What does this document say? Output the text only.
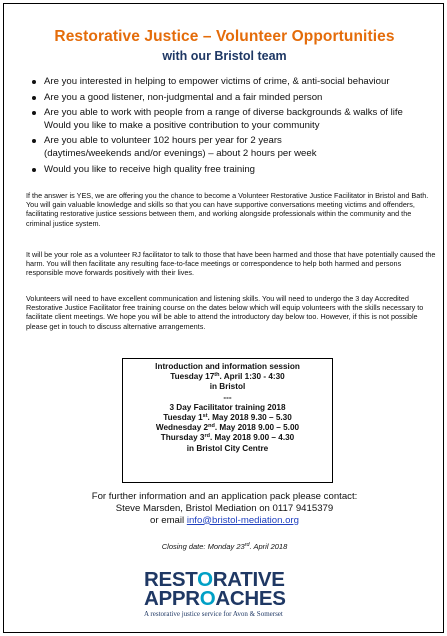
Restorative Justice – Volunteer Opportunities
with our Bristol team
Are you interested in helping to empower victims of crime, & anti-social behaviour
Are you a good listener, non-judgmental and a fair minded person
Are you able to work with people from a range of diverse backgrounds & walks of life
Would you like to make a positive contribution to your community
Are you able to volunteer 102 hours per year for 2 years
(daytimes/weekends and/or evenings) – about 2 hours per week
Would you like to receive high quality free training

If the answer is YES, we are offering you the chance to become a Volunteer Restorative Justice Facilitator in Bristol and Bath. You will gain valuable knowledge and skills so that you can have supportive conversations meeting victims and offenders, facilitating restorative justice sessions between them, and working alongside professionals within the community and the criminal justice system.

It will be your role as a volunteer RJ facilitator to talk to those that have been harmed and those that have potentially caused the harm. You will then facilitate any resulting face-to-face meetings or correspondence to help both harmed and persons responsible move forwards positively with their lives.

Volunteers will need to have excellent communication and listening skills. You will need to undergo the 3 day Accredited Restorative Justice Facilitator free training course on the dates below which will equip volunteers with the skills necessary to facilitate client meetings. We hope you will be able to attend the introductory day below too. However, if this is not possible please get in touch to discuss alternative arrangements.

Introduction and information session
Tuesday 17th. April 1:30 - 4:30
in Bristol
---
3 Day Facilitator training 2018
Tuesday 1st. May 2018 9.30 – 5.30
Wednesday 2nd. May 2018 9.00 – 5.00
Thursday 3rd. May 2018 9.00 – 4.30
in Bristol City Centre
For further information and an application pack please contact:
Steve Marsden, Bristol Mediation on 0117 9415379
or email info@bristol-mediation.org
Closing date: Monday 23rd. April 2018
RESTORATIVE
APPROACHES
A restorative justice service for Avon & Somerset
